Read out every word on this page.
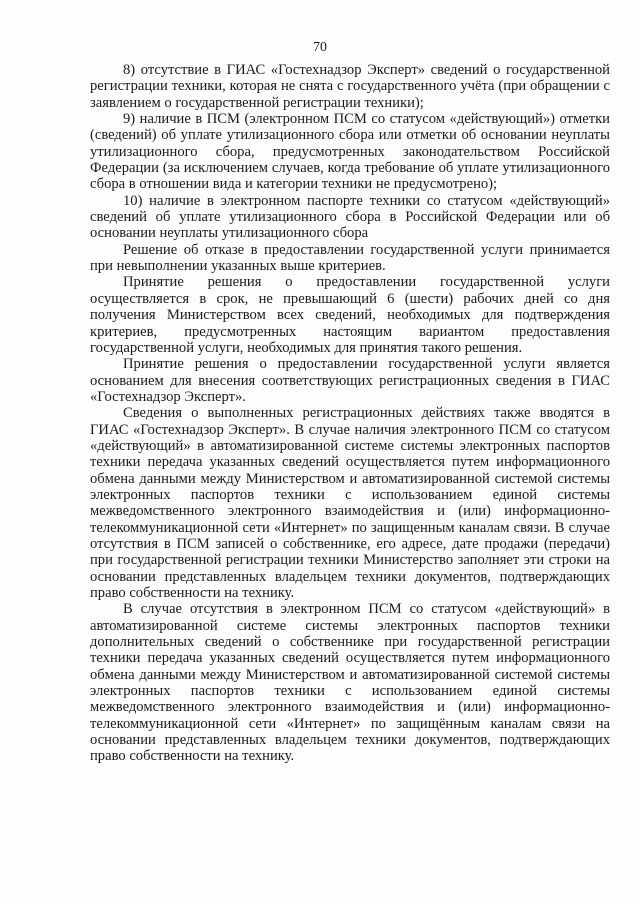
70

8) отсутствие в ГИАС «Гостехнадзор Эксперт» сведений о государственной регистрации техники, которая не снята с государственного учёта (при обращении с заявлением о государственной регистрации техники);

9) наличие в ПСМ (электронном ПСМ со статусом «действующий») отметки (сведений) об уплате утилизационного сбора или отметки об основании неуплаты утилизационного сбора, предусмотренных законодательством Российской Федерации (за исключением случаев, когда требование об уплате утилизационного сбора в отношении вида и категории техники не предусмотрено);

10) наличие в электронном паспорте техники со статусом «действующий» сведений об уплате утилизационного сбора в Российской Федерации или об основании неуплаты утилизационного сбора

Решение об отказе в предоставлении государственной услуги принимается при невыполнении указанных выше критериев.

Принятие решения о предоставлении государственной услуги осуществляется в срок, не превышающий 6 (шести) рабочих дней со дня получения Министерством всех сведений, необходимых для подтверждения критериев, предусмотренных настоящим вариантом предоставления государственной услуги, необходимых для принятия такого решения.

Принятие решения о предоставлении государственной услуги является основанием для внесения соответствующих регистрационных сведения в ГИАС «Гостехнадзор Эксперт».

Сведения о выполненных регистрационных действиях также вводятся в ГИАС «Гостехнадзор Эксперт». В случае наличия электронного ПСМ со статусом «действующий» в автоматизированной системе системы электронных паспортов техники передача указанных сведений осуществляется путем информационного обмена данными между Министерством и автоматизированной системой системы электронных паспортов техники с использованием единой системы межведомственного электронного взаимодействия и (или) информационно-телекоммуникационной сети «Интернет» по защищенным каналам связи. В случае отсутствия в ПСМ записей о собственнике, его адресе, дате продажи (передачи) при государственной регистрации техники Министерство заполняет эти строки на основании представленных владельцем техники документов, подтверждающих право собственности на технику.

В случае отсутствия в электронном ПСМ со статусом «действующий» в автоматизированной системе системы электронных паспортов техники дополнительных сведений о собственнике при государственной регистрации техники передача указанных сведений осуществляется путем информационного обмена данными между Министерством и автоматизированной системой системы электронных паспортов техники с использованием единой системы межведомственного электронного взаимодействия и (или) информационно-телекоммуникационной сети «Интернет» по защищённым каналам связи на основании представленных владельцем техники документов, подтверждающих право собственности на технику.
